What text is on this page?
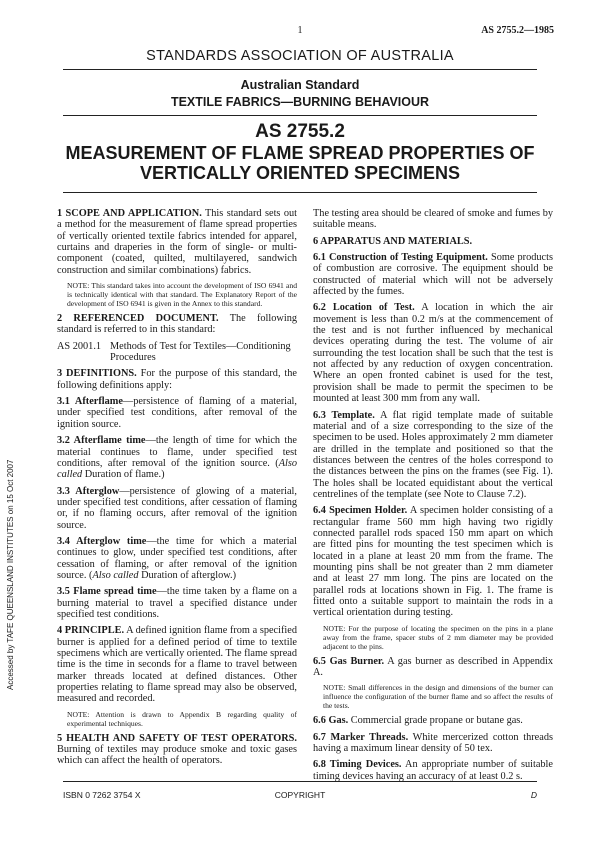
1	AS 2755.2—1985
STANDARDS ASSOCIATION OF AUSTRALIA
Australian Standard
TEXTILE FABRICS—BURNING BEHAVIOUR
AS 2755.2
MEASUREMENT OF FLAME SPREAD PROPERTIES OF
VERTICALLY ORIENTED SPECIMENS

1 SCOPE AND APPLICATION. This standard sets out a method for the measurement of flame spread properties of vertically oriented textile fabrics intended for apparel, curtains and draperies in the form of single- or multi-component (coated, quilted, multilayered, sandwich construction and similar combinations) fabrics.

NOTE: This standard takes into account the development of ISO 6941 and is technically identical with that standard. The Explanatory Report of the development of ISO 6941 is given in the Annex to this standard.

2 REFERENCED DOCUMENT. The following standard is referred to in this standard:

AS 2001.1 Methods of Test for Textiles—Conditioning Procedures

3 DEFINITIONS. For the purpose of this standard, the following definitions apply:

3.1 Afterflame—persistence of flaming of a material, under specified test conditions, after removal of the ignition source.

3.2 Afterflame time—the length of time for which the material continues to flame, under specified test conditions, after removal of the ignition source. (Also called Duration of flame.)

3.3 Afterglow—persistence of glowing of a material, under specified test conditions, after cessation of flaming or, if no flaming occurs, after removal of the ignition source.

3.4 Afterglow time—the time for which a material continues to glow, under specified test conditions, after cessation of flaming, or after removal of the ignition source. (Also called Duration of afterglow.)

3.5 Flame spread time—the time taken by a flame on a burning material to travel a specified distance under specified test conditions.

4 PRINCIPLE. A defined ignition flame from a specified burner is applied for a defined period of time to textile specimens which are vertically oriented. The flame spread time is the time in seconds for a flame to travel between marker threads located at defined distances. Other properties relating to flame spread may also be observed, measured and recorded.

NOTE: Attention is drawn to Appendix B regarding quality of experimental techniques.

5 HEALTH AND SAFETY OF TEST OPERATORS. Burning of textiles may produce smoke and toxic gases which can affect the health of operators.

The testing area should be cleared of smoke and fumes by suitable means.

6 APPARATUS AND MATERIALS.

6.1 Construction of Testing Equipment. Some products of combustion are corrosive. The equipment should be constructed of material which will not be adversely affected by the fumes.

6.2 Location of Test. A location in which the air movement is less than 0.2 m/s at the commencement of the test and is not further influenced by mechanical devices operating during the test. The volume of air surrounding the test location shall be such that the test is not affected by any reduction of oxygen concentration. Where an open fronted cabinet is used for the test, provision shall be made to permit the specimen to be mounted at least 300 mm from any wall.

6.3 Template. A flat rigid template made of suitable material and of a size corresponding to the size of the specimen to be used. Holes approximately 2 mm diameter are drilled in the template and positioned so that the distances between the centres of the holes correspond to the distances between the pins on the frames (see Fig. 1). The holes shall be located equidistant about the vertical centrelines of the template (see Note to Clause 7.2).

6.4 Specimen Holder. A specimen holder consisting of a rectangular frame 560 mm high having two rigidly connected parallel rods spaced 150 mm apart on which are fitted pins for mounting the test specimen which is located in a plane at least 20 mm from the frame. The mounting pins shall be not greater than 2 mm diameter and at least 27 mm long. The pins are located on the parallel rods at locations shown in Fig. 1. The frame is fitted onto a suitable support to maintain the rods in a vertical orientation during testing.

NOTE: For the purpose of locating the specimen on the pins in a plane away from the frame, spacer stubs of 2 mm diameter may be provided adjacent to the pins.

6.5 Gas Burner. A gas burner as described in Appendix A.

NOTE: Small differences in the design and dimensions of the burner can influence the configuration of the burner flame and so affect the results of the tests.

6.6 Gas. Commercial grade propane or butane gas.

6.7 Marker Threads. White mercerized cotton threads having a maximum linear density of 50 tex.

6.8 Timing Devices. An appropriate number of suitable timing devices having an accuracy of at least 0.2 s.

ISBN 0 7262 3754 X	COPYRIGHT	D
Accessed by TAFE QUEENSLAND INSTITUTES on 15 Oct 2007
